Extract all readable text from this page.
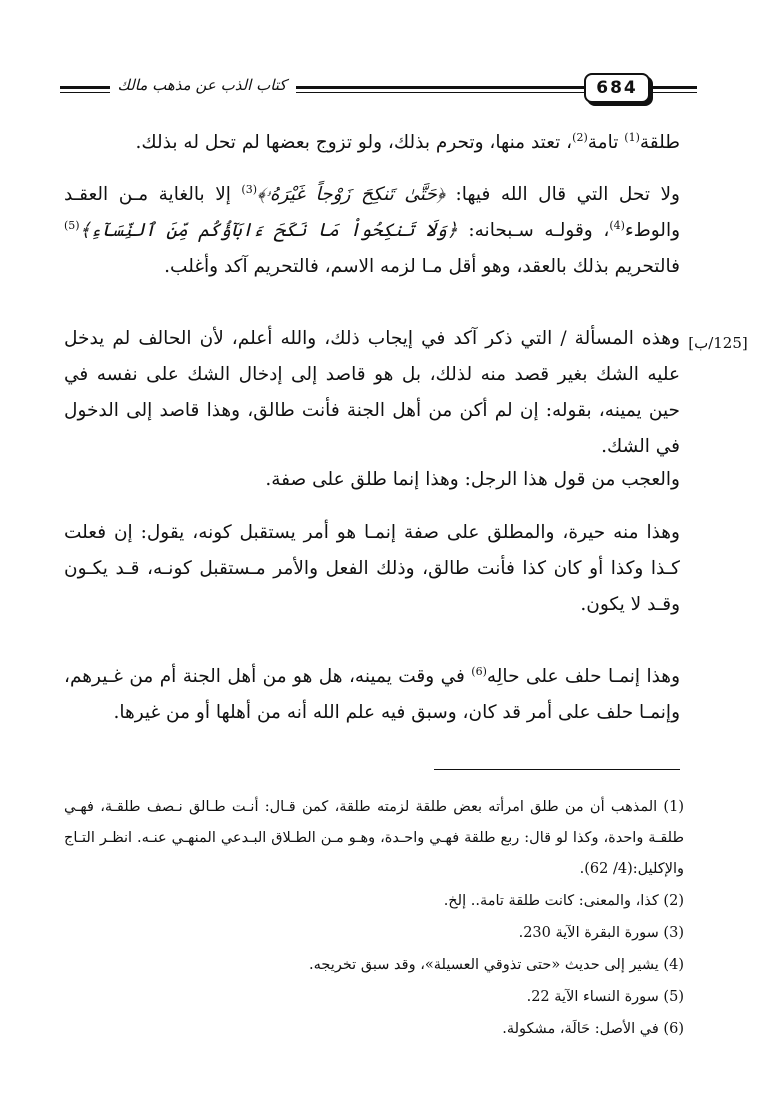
684
كتاب الذب عن مذهب مالك
طلقة$^{(1)}$ تامة$^{(2)}$، تعتد منها، وتحرم بذلك، ولو تزوج بعضها لم تحل له بذلك.
ولا تحل التي قال الله فيها: ﴿حَتَّىٰ تَنكِحَ زَوْجاً غَيْرَهُۥ﴾$^{(3)}$ إلا بالغاية مـن العقـد والوطء$^{(4)}$، وقولـه سـبحانه: ﴿وَلَا تَنكِحُواْ مَا نَكَحَ ءَابَآؤُكُم مِّنَ ٱلنِّسَآءِ﴾$^{(5)}$ فالتحريم بذلك بالعقد، وهو أقل مـا لزمه الاسم، فالتحريم آكد وأغلب.
[125/ب]
وهذه المسألة / التي ذكر آكد في إيجاب ذلك، والله أعلم، لأن الحالف لم يدخل عليه الشك بغير قصد منه لذلك، بل هو قاصد إلى إدخال الشك على نفسه في حين يمينه، بقوله: إن لم أكن من أهل الجنة فأنت طالق، وهذا قاصد إلى الدخول في الشك.
والعجب من قول هذا الرجل: وهذا إنما طلق على صفة.
وهذا منه حيرة، والمطلق على صفة إنمـا هو أمر يستقبل كونه، يقول: إن فعلت كـذا وكذا أو كان كذا فأنت طالق، وذلك الفعل والأمر مـستقبل كونـه، قـد يكـون وقـد لا يكون.
وهذا إنمـا حلف على حالِه$^{(6)}$ في وقت يمينه، هل هو من أهل الجنة أم من غـيرهم، وإنمـا حلف على أمر قد كان، وسبق فيه علم الله أنه من أهلها أو من غيرها.
(1) المذهب أن من طلق امرأته بعض طلقة لزمته طلقة، كمن قـال: أنـت طـالق نـصف طلقـة، فهـي طلقـة واحدة، وكذا لو قال: ربع طلقة فهـي واحـدة، وهـو مـن الطـلاق البـدعي المنهـي عنـه. انظـر التـاج والإكليل:(4/ 62).
(2) كذا، والمعنى: كانت طلقة تامة.. إلخ.
(3) سورة البقرة الآية 230.
(4) يشير إلى حديث «حتى تذوقي العسيلة»، وقد سبق تخريجه.
(5) سورة النساء الآية 22.
(6) في الأصل: حَالَة، مشكولة.
